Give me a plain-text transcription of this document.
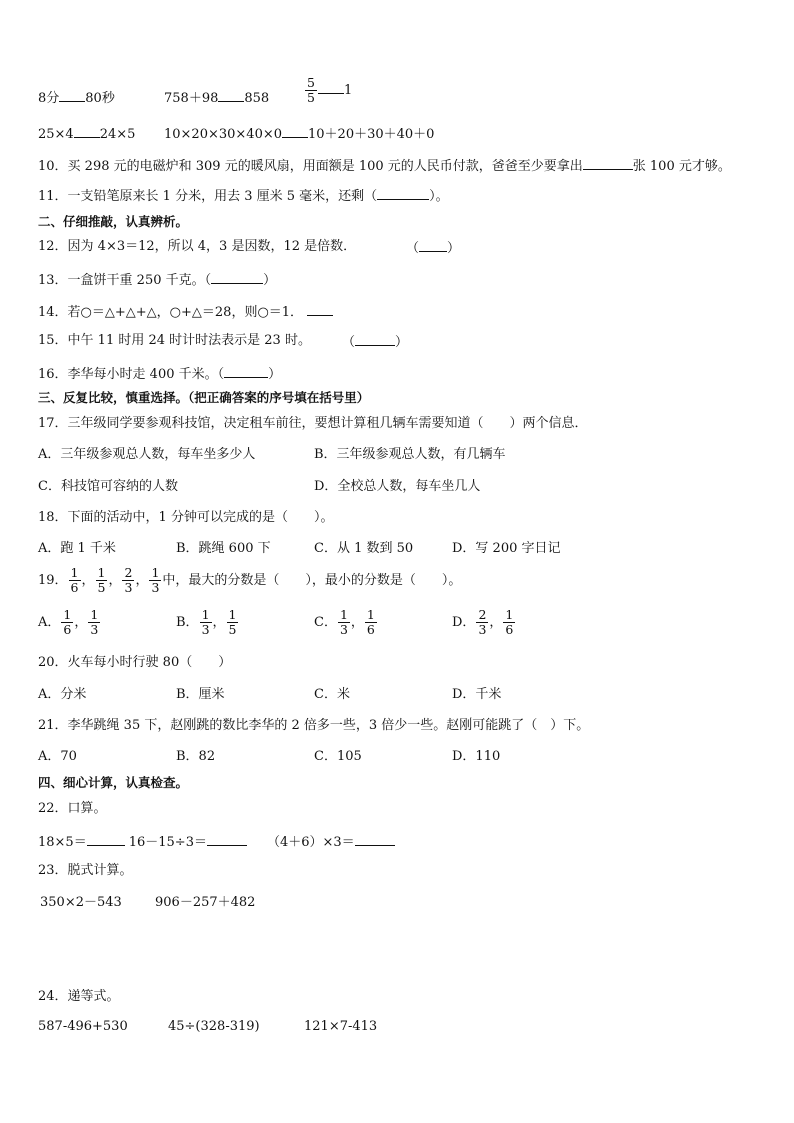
8分 80秒	758＋98 858	$\frac{5}{5} 1$
25×4 24×5 10×20×30×40×0 10＋20＋30＋40＋0
10．买 298 元的电磁炉和 309 元的暖风扇，用面额是 100 元的人民币付款，爸爸至少要拿出	张 100 元才够。
11．一支铅笔原来长 1 分米，用去 3 厘米 5 毫米，还剩（	）。
二、仔细推敲，认真辨析。
12．因为 4×3＝12，所以 4，3 是因数，12 是倍数．	（ ）
13．一盒饼干重 250 千克。（	）
14．若○＝△+△+△，○+△＝28，则○＝1．
15．中午 11 时用 24 时计时法表示是 23 时。 （	）
16．李华每小时走 400 千米。（	）
三、反复比较，慎重选择。（把正确答案的序号填在括号里）
17．三年级同学要参观科技馆，决定租车前往，要想计算租几辆车需要知道（　　）两个信息．
A．三年级参观总人数，每车坐多少人	B．三年级参观总人数，有几辆车
C．科技馆可容纳的人数	D．全校总人数，每车坐几人
18．下面的活动中，1 分钟可以完成的是（　　）。
A．跑 1 千米	B．跳绳 600 下	C．从 1 数到 50	D．写 200 字日记
19． $\frac{1}{6}$ ， $\frac{1}{5}$ ， $\frac{2}{3}$ ， $\frac{1}{3}$ 中，最大的分数是（　　），最小的分数是（　　）。
A． $\frac{1}{6}$ ， $\frac{1}{3}$	B． $\frac{1}{3}$ ， $\frac{1}{5}$	C． $\frac{1}{3}$ ， $\frac{1}{6}$	D． $\frac{2}{3}$ ， $\frac{1}{6}$
20．火车每小时行驶 80（　　）
A．分米	B．厘米	C．米	D．千米
21．李华跳绳 35 下，赵刚跳的数比李华的 2 倍多一些，3 倍少一些。赵刚可能跳了（　）下。
A．70	B．82	C．105	D．110
四、细心计算，认真检查。
22．口算。
18×5＝	16－15÷3＝	（4＋6）×3＝
23．脱式计算。
350×2－543	906－257＋482
24．递等式。
587-496+530	45÷(328-319)	121×7-413
